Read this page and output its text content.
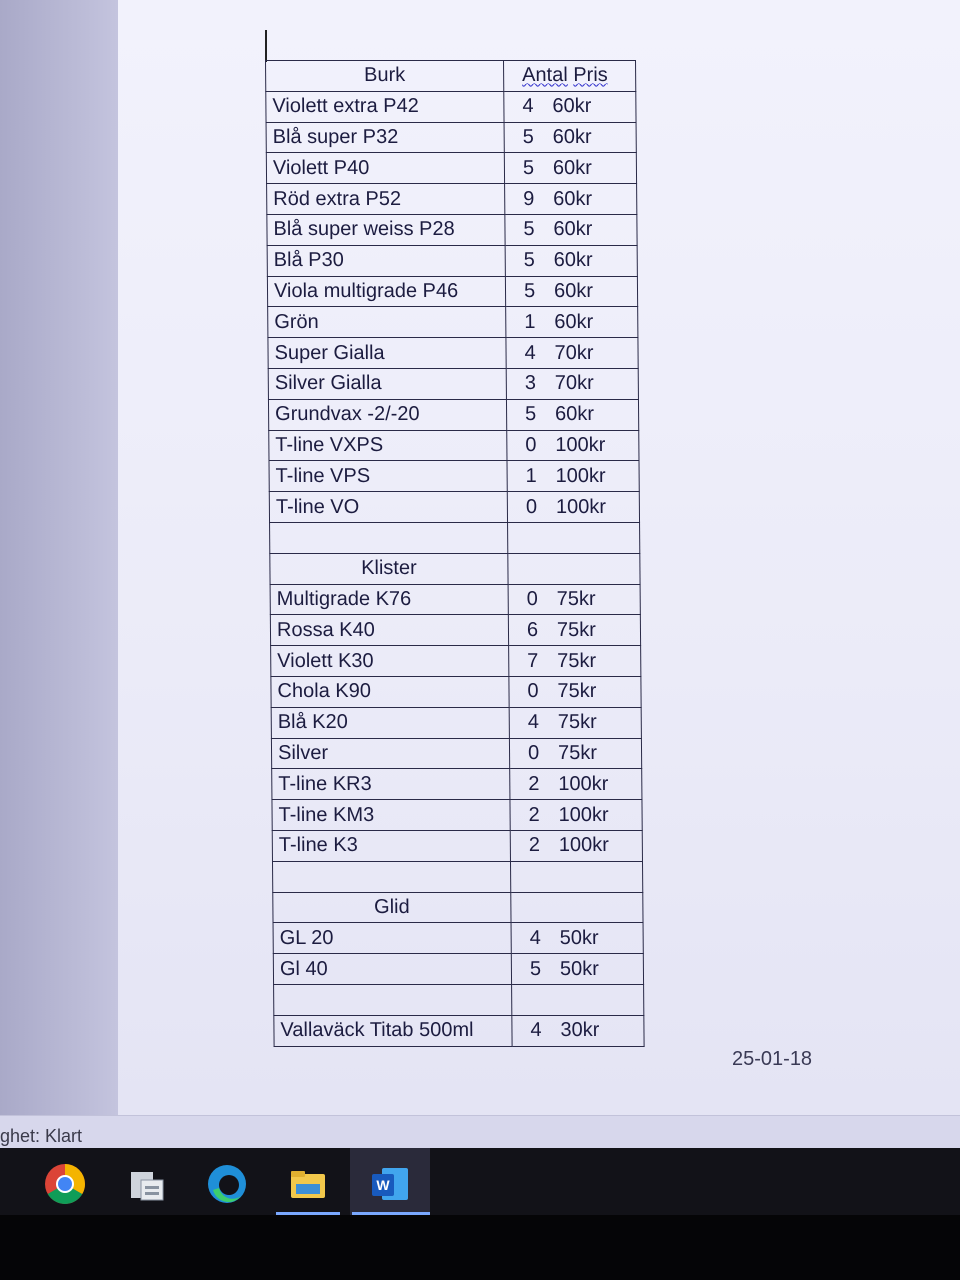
Burk	Antal Pris
Violett extra P42	4 60kr
Blå super P32	5 60kr
Violett P40	5 60kr
Röd extra P52	9 60kr
Blå super weiss P28	5 60kr
Blå P30	5 60kr
Viola multigrade P46	5 60kr
Grön	1 60kr
Super Gialla	4 70kr
Silver Gialla	3 70kr
Grundvax -2/-20	5 60kr
T-line VXPS	0 100kr
T-line VPS	1 100kr
T-line VO	0 100kr

Klister	
Multigrade K76	0 75kr
Rossa K40	6 75kr
Violett K30	7 75kr
Chola K90	0 75kr
Blå K20	4 75kr
Silver	0 75kr
T-line KR3	2 100kr
T-line KM3	2 100kr
T-line K3	2 100kr

Glid	
GL 20	4 50kr
Gl 40	5 50kr

Vallaväck Titab 500ml	4 30kr
25-01-18
ghet: Klart
W
